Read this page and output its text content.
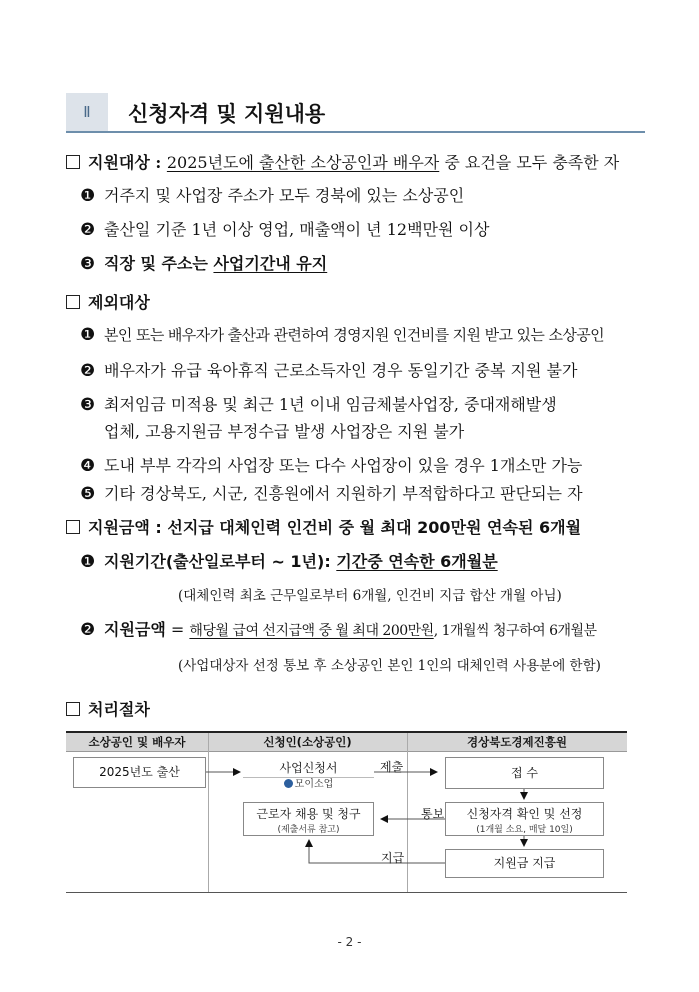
Ⅱ 신청자격 및 지원내용
지원대상 : 2025년도에 출산한 소상공인과 배우자 중 요건을 모두 충족한 자
❶ 거주지 및 사업장 주소가 모두 경북에 있는 소상공인
❷ 출산일 기준 1년 이상 영업, 매출액이 년 12백만원 이상
❸ 직장 및 주소는 사업기간내 유지
제외대상
❶ 본인 또는 배우자가 출산과 관련하여 경영지원 인건비를 지원 받고 있는 소상공인
❷ 배우자가 유급 육아휴직 근로소득자인 경우 동일기간 중복 지원 불가
❸ 최저임금 미적용 및 최근 1년 이내 임금체불사업장, 중대재해발생
업체, 고용지원금 부정수급 발생 사업장은 지원 불가
❹ 도내 부부 각각의 사업장 또는 다수 사업장이 있을 경우 1개소만 가능
❺ 기타 경상북도, 시군, 진흥원에서 지원하기 부적합하다고 판단되는 자
지원금액 : 선지급 대체인력 인건비 중 월 최대 200만원 연속된 6개월
❶ 지원기간(출산일로부터 ~ 1년): 기간중 연속한 6개월분
(대체인력 최초 근무일로부터 6개월, 인건비 지급 합산 개월 아님)
❷ 지원금액 = 해당월 급여 선지급액 중 월 최대 200만원, 1개월씩 청구하여 6개월분
(사업대상자 선정 통보 후 소상공인 본인 1인의 대체인력 사용분에 한함)
처리절차
소상공인 및 배우자	신청인(소상공인)	경상북도경제진흥원
2025년도 출산	사업신청서
모이소업
제출	접 수
근로자 채용 및 청구
(제출서류 참고)
통보	신청자격 확인 및 선정
(1개월 소요, 매달 10일)
지급	지원금 지급
- 2 -
